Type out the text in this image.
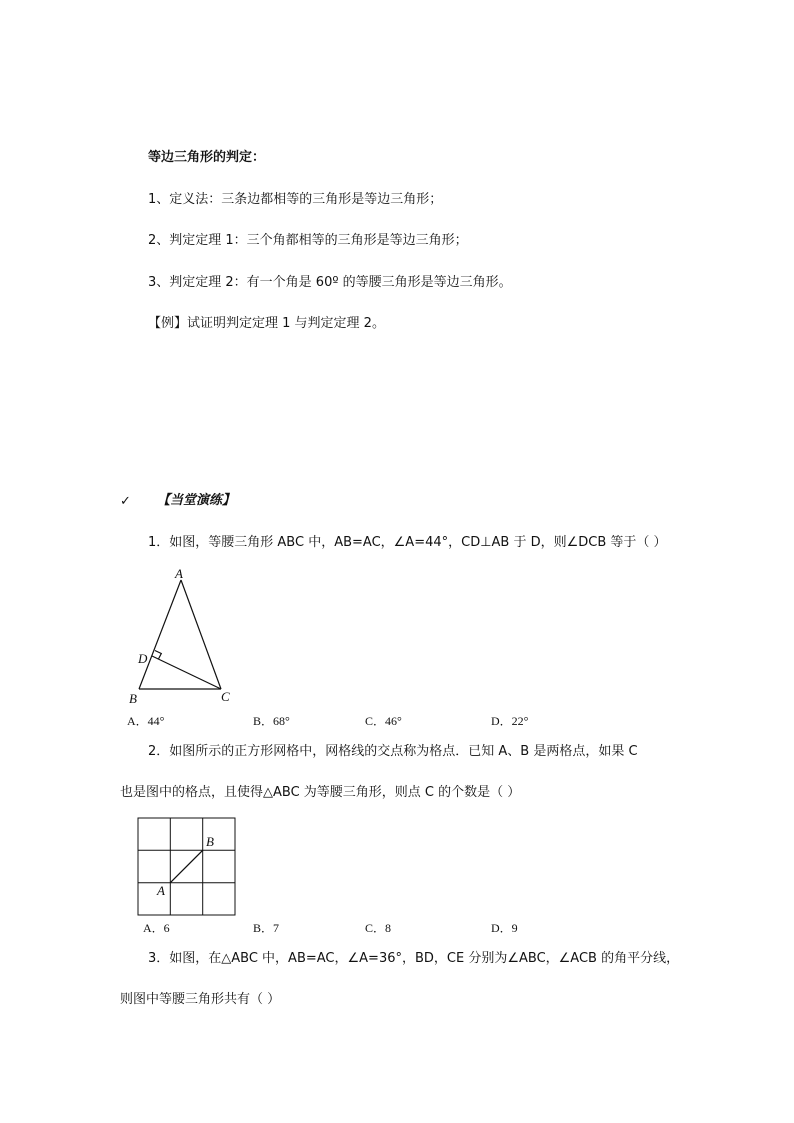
等边三角形的判定：
1、定义法：三条边都相等的三角形是等边三角形；
2、判定定理 1：三个角都相等的三角形是等边三角形；
3、判定定理 2：有一个角是 60º 的等腰三角形是等边三角形。
【例】试证明判定定理 1 与判定定理 2。
✓ 【当堂演练】
1．如图，等腰三角形 ABC 中，AB=AC，∠A=44°，CD⊥AB 于 D，则∠DCB 等于（ ）
A
D
B	C
A．44°	B．68°	C．46°	D．22°
2．如图所示的正方形网格中，网格线的交点称为格点．已知 A、B 是两格点，如果 C
也是图中的格点，且使得△ABC 为等腰三角形，则点 C 的个数是（ ）
B
A
A．6	B．7	C．8	D．9
3．如图，在△ABC 中，AB=AC，∠A=36°，BD，CE 分别为∠ABC，∠ACB 的角平分线，
则图中等腰三角形共有（ ）
